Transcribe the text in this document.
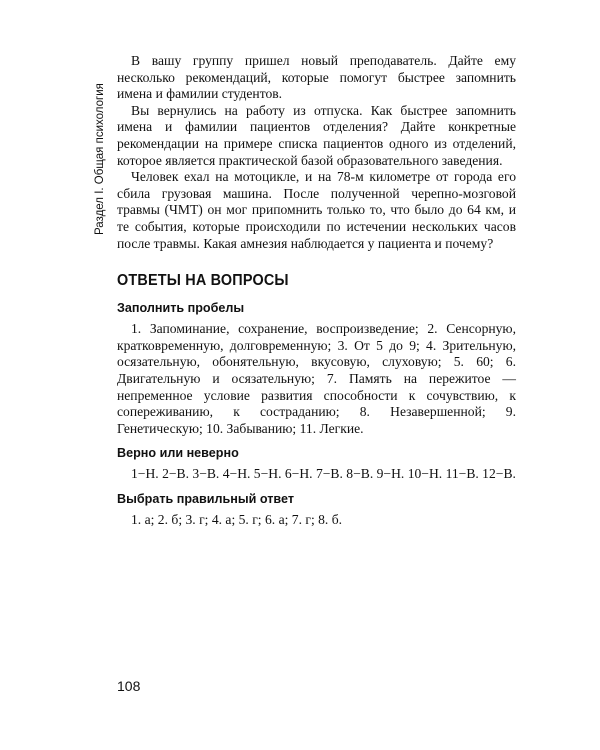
Раздел I. Общая психология

В вашу группу пришел новый преподаватель. Дайте ему несколько рекомендаций, которые помогут быстрее запомнить имена и фамилии студентов.

Вы вернулись на работу из отпуска. Как быстрее запомнить имена и фамилии пациентов отделения? Дайте конкретные рекомендации на примере списка пациентов одного из отделений, которое является практической базой образовательного заведения.

Человек ехал на мотоцикле, и на 78-м километре от города его сбила грузовая машина. После полученной черепно-мозговой травмы (ЧМТ) он мог припомнить только то, что было до 64 км, и те события, которые происходили по истечении нескольких часов после травмы. Какая амнезия наблюдается у пациента и почему?

ОТВЕТЫ НА ВОПРОСЫ
Заполнить пробелы

1. Запоминание, сохранение, воспроизведение; 2. Сенсорную, кратковременную, долговременную; 3. От 5 до 9; 4. Зрительную, осязательную, обонятельную, вкусовую, слуховую; 5. 60; 6. Двигательную и осязательную; 7. Память на пережитое — непременное условие развития способности к сочувствию, к сопереживанию, к состраданию; 8. Незавершенной; 9. Генетическую; 10. Забыванию; 11. Легкие.

Верно или неверно

1−Н. 2−В. 3−В. 4−Н. 5−Н. 6−Н. 7−В. 8−В. 9−Н. 10−Н. 11−В. 12−В.

Выбрать правильный ответ

1. а; 2. б; 3. г; 4. а; 5. г; 6. а; 7. г; 8. б.

108
